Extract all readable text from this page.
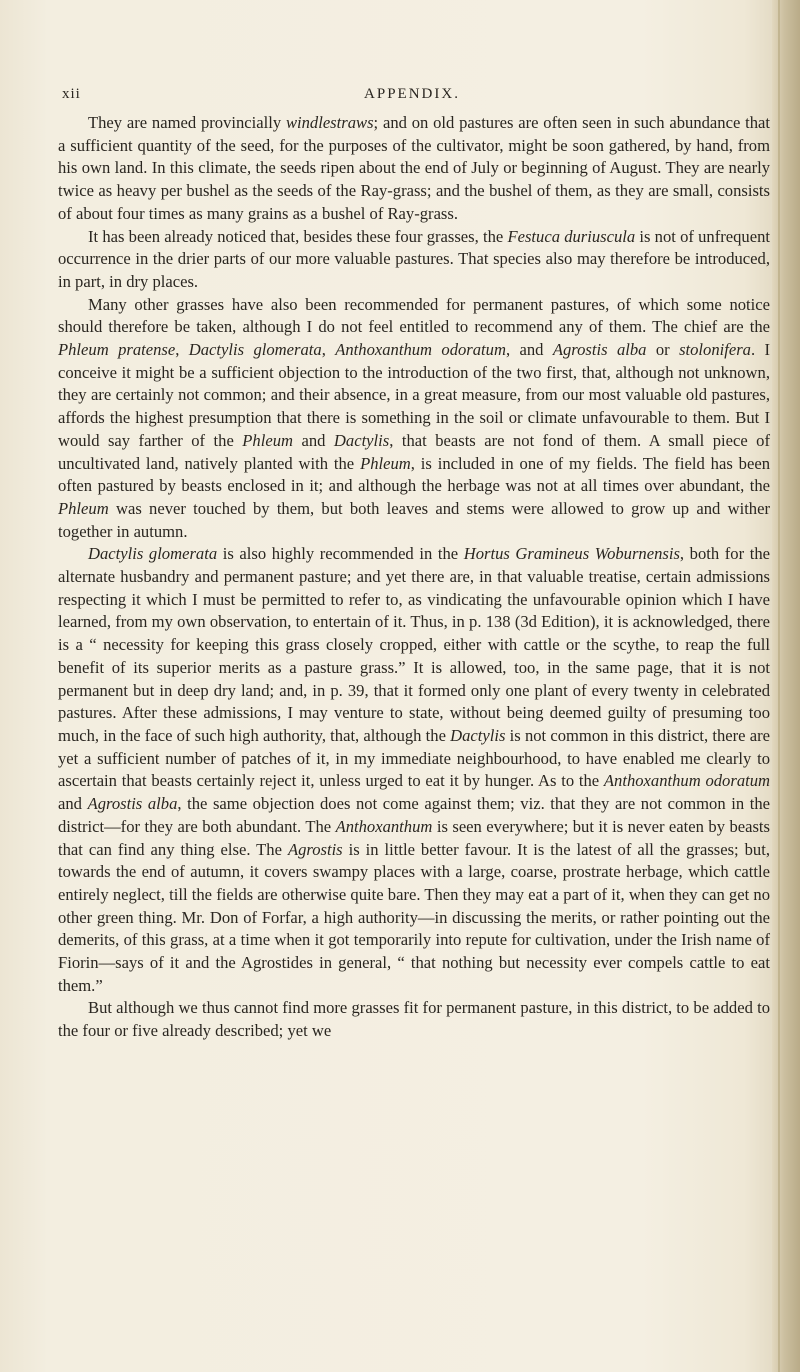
xii	APPENDIX.

They are named provincially windlestraws; and on old pastures are often seen in such abundance that a sufficient quantity of the seed, for the purposes of the cultivator, might be soon gathered, by hand, from his own land. In this climate, the seeds ripen about the end of July or beginning of August. They are nearly twice as heavy per bushel as the seeds of the Ray-grass; and the bushel of them, as they are small, consists of about four times as many grains as a bushel of Ray-grass.

It has been already noticed that, besides these four grasses, the Festuca duriuscula is not of unfrequent occurrence in the drier parts of our more valuable pastures. That species also may therefore be introduced, in part, in dry places.

Many other grasses have also been recommended for permanent pastures, of which some notice should therefore be taken, although I do not feel entitled to recommend any of them. The chief are the Phleum pratense, Dactylis glomerata, Anthoxanthum odoratum, and Agrostis alba or stolonifera. I conceive it might be a sufficient objection to the introduction of the two first, that, although not unknown, they are certainly not common; and their absence, in a great measure, from our most valuable old pastures, affords the highest presumption that there is something in the soil or climate unfavourable to them. But I would say farther of the Phleum and Dactylis, that beasts are not fond of them. A small piece of uncultivated land, natively planted with the Phleum, is included in one of my fields. The field has been often pastured by beasts enclosed in it; and although the herbage was not at all times over abundant, the Phleum was never touched by them, but both leaves and stems were allowed to grow up and wither together in autumn.

Dactylis glomerata is also highly recommended in the Hortus Gramineus Woburnensis, both for the alternate husbandry and permanent pasture; and yet there are, in that valuable treatise, certain admissions respecting it which I must be permitted to refer to, as vindicating the unfavourable opinion which I have learned, from my own observation, to entertain of it. Thus, in p. 138 (3d Edition), it is acknowledged, there is a “ necessity for keeping this grass closely cropped, either with cattle or the scythe, to reap the full benefit of its superior merits as a pasture grass.” It is allowed, too, in the same page, that it is not permanent but in deep dry land; and, in p. 39, that it formed only one plant of every twenty in celebrated pastures. After these admissions, I may venture to state, without being deemed guilty of presuming too much, in the face of such high authority, that, although the Dactylis is not common in this district, there are yet a sufficient number of patches of it, in my immediate neighbourhood, to have enabled me clearly to ascertain that beasts certainly reject it, unless urged to eat it by hunger. As to the Anthoxanthum odoratum and Agrostis alba, the same objection does not come against them; viz. that they are not common in the district—for they are both abundant. The Anthoxanthum is seen everywhere; but it is never eaten by beasts that can find any thing else. The Agrostis is in little better favour. It is the latest of all the grasses; but, towards the end of autumn, it covers swampy places with a large, coarse, prostrate herbage, which cattle entirely neglect, till the fields are otherwise quite bare. Then they may eat a part of it, when they can get no other green thing. Mr. Don of Forfar, a high authority—in discussing the merits, or rather pointing out the demerits, of this grass, at a time when it got temporarily into repute for cultivation, under the Irish name of Fiorin—says of it and the Agrostides in general, “ that nothing but necessity ever compels cattle to eat them.”

But although we thus cannot find more grasses fit for permanent pasture, in this district, to be added to the four or five already described; yet we
